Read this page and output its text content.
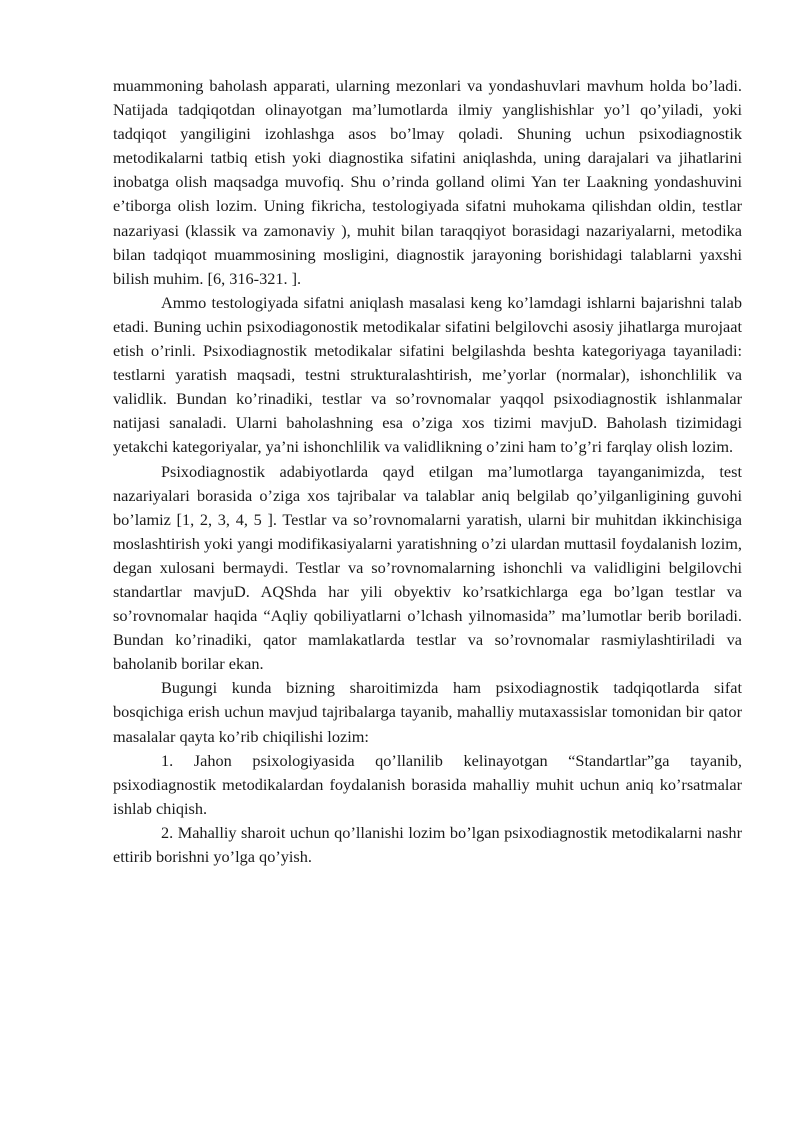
muammoning baholash apparati, ularning mezonlari va yondashuvlari mavhum holda bo’ladi. Natijada tadqiqotdan olinayotgan ma’lumotlarda ilmiy yanglishishlar yo’l qo’yiladi, yoki tadqiqot yangiligini izohlashga asos bo’lmay qoladi. Shuning uchun psixodiagnostik metodikalarni tatbiq etish yoki diagnostika sifatini aniqlashda, uning darajalari va jihatlarini inobatga olish maqsadga muvofiq. Shu o’rinda golland olimi Yan ter Laakning yondashuvini e’tiborga olish lozim. Uning fikricha, testologiyada sifatni muhokama qilishdan oldin, testlar nazariyasi (klassik va zamonaviy ), muhit bilan taraqqiyot borasidagi nazariyalarni, metodika bilan tadqiqot muammosining mosligini, diagnostik jarayoning borishidagi talablarni yaxshi bilish muhim. [6, 316-321. ].

Ammo testologiyada sifatni aniqlash masalasi keng ko’lamdagi ishlarni bajarishni talab etadi. Buning uchin psixodiagonostik metodikalar sifatini belgilovchi asosiy jihatlarga murojaat etish o’rinli. Psixodiagnostik metodikalar sifatini belgilashda beshta kategoriyaga tayaniladi: testlarni yaratish maqsadi, testni strukturalashtirish, me’yorlar (normalar), ishonchlilik va validlik. Bundan ko’rinadiki, testlar va so’rovnomalar yaqqol psixodiagnostik ishlanmalar natijasi sanaladi. Ularni baholashning esa o’ziga xos tizimi mavjuD. Baholash tizimidagi yetakchi kategoriyalar, ya’ni ishonchlilik va validlikning o’zini ham to’g’ri farqlay olish lozim.

Psixodiagnostik adabiyotlarda qayd etilgan ma’lumotlarga tayanganimizda, test nazariyalari borasida o’ziga xos tajribalar va talablar aniq belgilab qo’yilganligining guvohi bo’lamiz [1, 2, 3, 4, 5 ]. Testlar va so’rovnomalarni yaratish, ularni bir muhitdan ikkinchisiga moslashtirish yoki yangi modifikasiyalarni yaratishning o’zi ulardan muttasil foydalanish lozim, degan xulosani bermaydi. Testlar va so’rovnomalarning ishonchli va validligini belgilovchi standartlar mavjuD. AQShda har yili obyektiv ko’rsatkichlarga ega bo’lgan testlar va so’rovnomalar haqida “Aqliy qobiliyatlarni o’lchash yilnomasida” ma’lumotlar berib boriladi. Bundan ko’rinadiki, qator mamlakatlarda testlar va so’rovnomalar rasmiylashtiriladi va baholanib borilar ekan.

Bugungi kunda bizning sharoitimizda ham psixodiagnostik tadqiqotlarda sifat bosqichiga erish uchun mavjud tajribalarga tayanib, mahalliy mutaxassislar tomonidan bir qator masalalar qayta ko’rib chiqilishi lozim:

1. Jahon psixologiyasida qo’llanilib kelinayotgan “Standartlar”ga tayanib, psixodiagnostik metodikalardan foydalanish borasida mahalliy muhit uchun aniq ko’rsatmalar ishlab chiqish.

2. Mahalliy sharoit uchun qo’llanishi lozim bo’lgan psixodiagnostik metodikalarni nashr ettirib borishni yo’lga qo’yish.
